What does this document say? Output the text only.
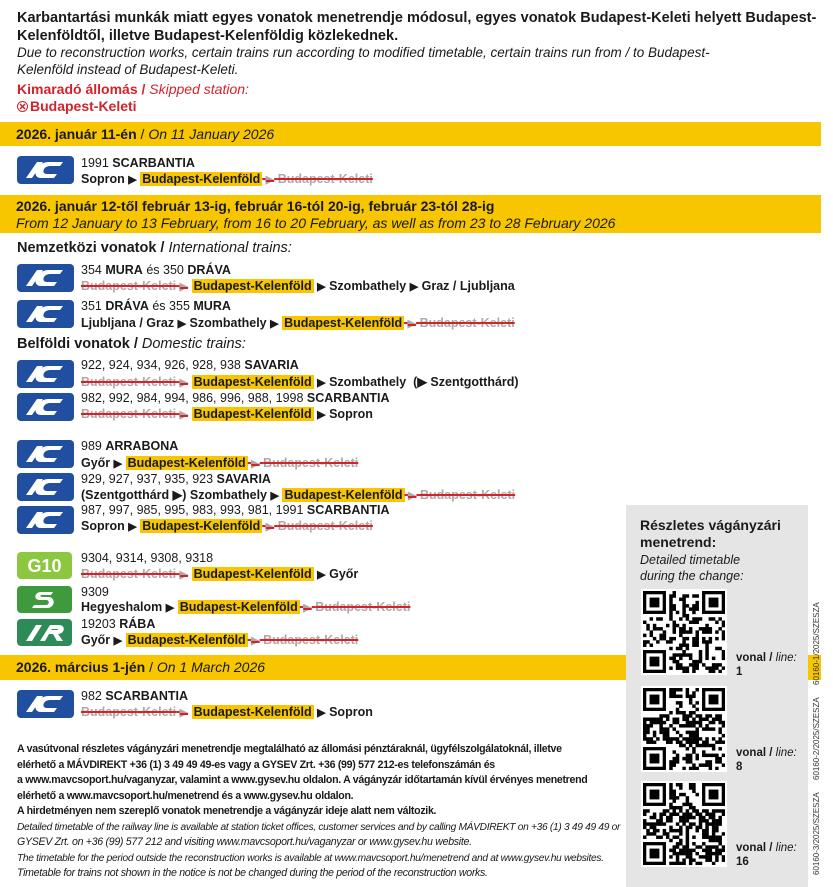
Karbantartási munkák miatt egyes vonatok menetrendje módosul, egyes vonatok Budapest-Keleti helyett Budapest-Kelenföldtől, illetve Budapest-Kelenföldig közlekednek.
Due to reconstruction works, certain trains run according to modified timetable, certain trains run from / to Budapest-Kelenföld instead of Budapest-Keleti.
Kimaradó állomás / Skipped station:
Budapest-Keleti
2026. január 11-én / On 11 January 2026
1991 SCARBANTIA
Sopron ▶ Budapest-Kelenföld ▶ Budapest-Keleti
2026. január 12-től február 13-ig, február 16-tól 20-ig, február 23-tól 28-ig
From 12 January to 13 February, from 16 to 20 February, as well as from 23 to 28 February 2026
Nemzetközi vonatok / International trains:
354 MURA és 350 DRÁVA
Budapest-Keleti ▶ Budapest-Kelenföld ▶ Szombathely ▶ Graz / Ljubljana
351 DRÁVA és 355 MURA
Ljubljana / Graz ▶ Szombathely ▶ Budapest-Kelenföld ▶ Budapest-Keleti
Belföldi vonatok / Domestic trains:
922, 924, 934, 926, 928, 938 SAVARIA
Budapest-Keleti ▶ Budapest-Kelenföld ▶ Szombathely (▶ Szentgotthárd)
982, 992, 984, 994, 986, 996, 988, 1998 SCARBANTIA
Budapest-Keleti ▶ Budapest-Kelenföld ▶ Sopron
989 ARRABONA
Győr ▶ Budapest-Kelenföld ▶ Budapest-Keleti
929, 927, 937, 935, 923 SAVARIA
(Szentgotthárd ▶) Szombathely ▶ Budapest-Kelenföld ▶ Budapest-Keleti
987, 997, 985, 995, 983, 993, 981, 1991 SCARBANTIA
Sopron ▶ Budapest-Kelenföld ▶ Budapest-Keleti
G10 9304, 9314, 9308, 9318
Budapest-Keleti ▶ Budapest-Kelenföld ▶ Győr
9309
Hegyeshalom ▶ Budapest-Kelenföld ▶ Budapest-Keleti
19203 RÁBA
Győr ▶ Budapest-Kelenföld ▶ Budapest-Keleti
2026. március 1-jén / On 1 March 2026
982 SCARBANTIA
Budapest-Keleti ▶ Budapest-Kelenföld ▶ Sopron
A vasútvonal részletes vágányzári menetrendje megtalálható az állomási pénztáraknál, ügyfélszolgálatoknál, illetve
elérhető a MÁVDIREKT +36 (1) 3 49 49 49-es vagy a GYSEV Zrt. +36 (99) 577 212-es telefonszámán és
a www.mavcsoport.hu/vaganyzar, valamint a www.gysev.hu oldalon. A vágányzár időtartamán kívül érvényes menetrend
elérhető a www.mavcsoport.hu/menetrend és a www.gysev.hu oldalon.
A hirdetményen nem szereplő vonatok menetrendje a vágányzár ideje alatt nem változik.
Detailed timetable of the railway line is available at station ticket offices, customer services and by calling MÁVDIREKT on +36 (1) 3 49 49 49 or
GYSEV Zrt. on +36 (99) 577 212 and visiting www.mavcsoport.hu/vaganyzar or www.gysev.hu website.
The timetable for the period outside the reconstruction works is available at www.mavcsoport.hu/menetrend and at www.gysev.hu websites.
Timetable for trains not shown in the notice is not be changed during the period of the reconstruction works.
Részletes vágányzári menetrend:
Detailed timetable during the change:
vonal / line:
1
vonal / line:
8
vonal / line:
16
60160-1/2025/SZESZA
60160-2/2025/SZESZA
60160-3/2025/SZESZA
